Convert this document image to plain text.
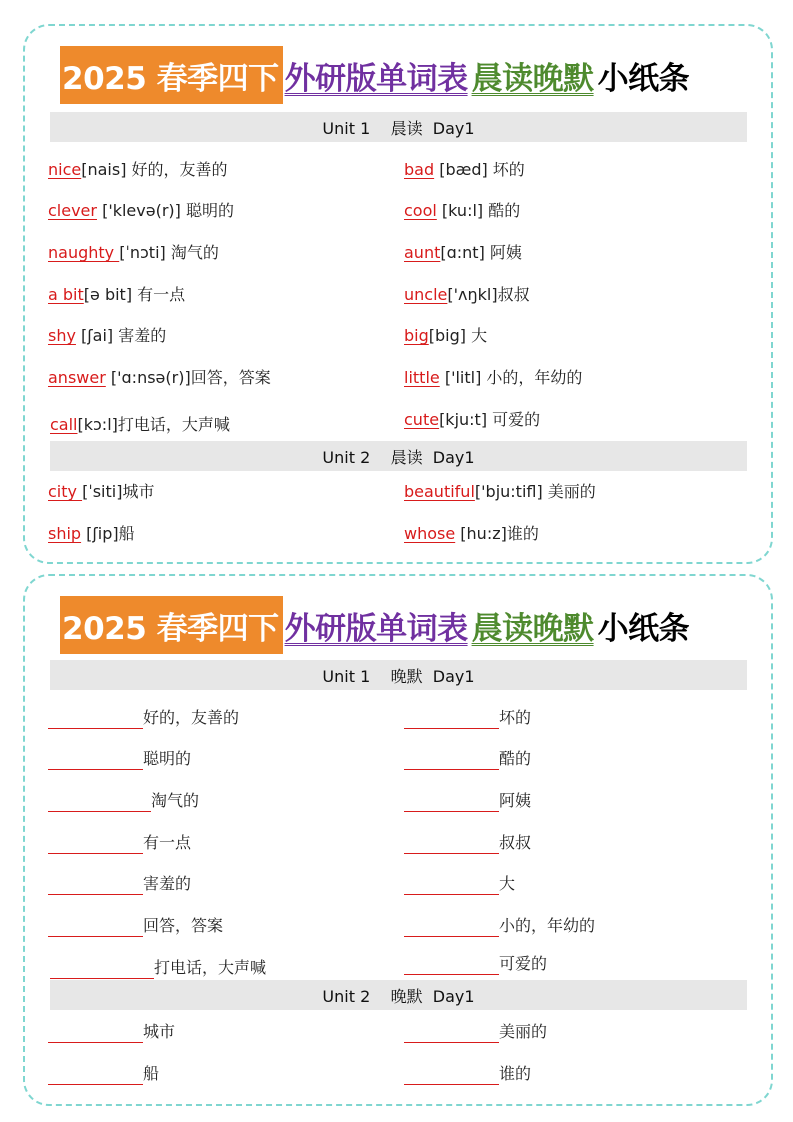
2025 春季四下 外研版单词表 晨读晚默 小纸条
Unit 1    晨读  Day1
nice[nais] 好的，友善的	bad [bæd] 坏的
clever ['klevə(r)] 聪明的	cool [ku:l] 酷的
naughty [ˈnɔti] 淘气的	aunt[ɑ:nt] 阿姨
a bit[ə bit] 有一点	uncle['ʌŋkl]叔叔
shy [ʃai] 害羞的	big[big] 大
answer ['ɑ:nsə(r)]回答，答案	little ['litl] 小的，年幼的
call[kɔ:l]打电话，大声喊	cute[kju:t] 可爱的
Unit 2    晨读  Day1
city [ˈsiti]城市	beautiful['bju:tifl] 美丽的
ship [ʃip]船	whose [hu:z]谁的
2025 春季四下 外研版单词表 晨读晚默 小纸条
Unit 1    晚默  Day1
好的，友善的	坏的
聪明的	酷的
淘气的	阿姨
有一点	叔叔
害羞的	大
回答，答案	小的，年幼的
打电话，大声喊	可爱的
Unit 2    晚默  Day1
城市	美丽的
船	谁的
